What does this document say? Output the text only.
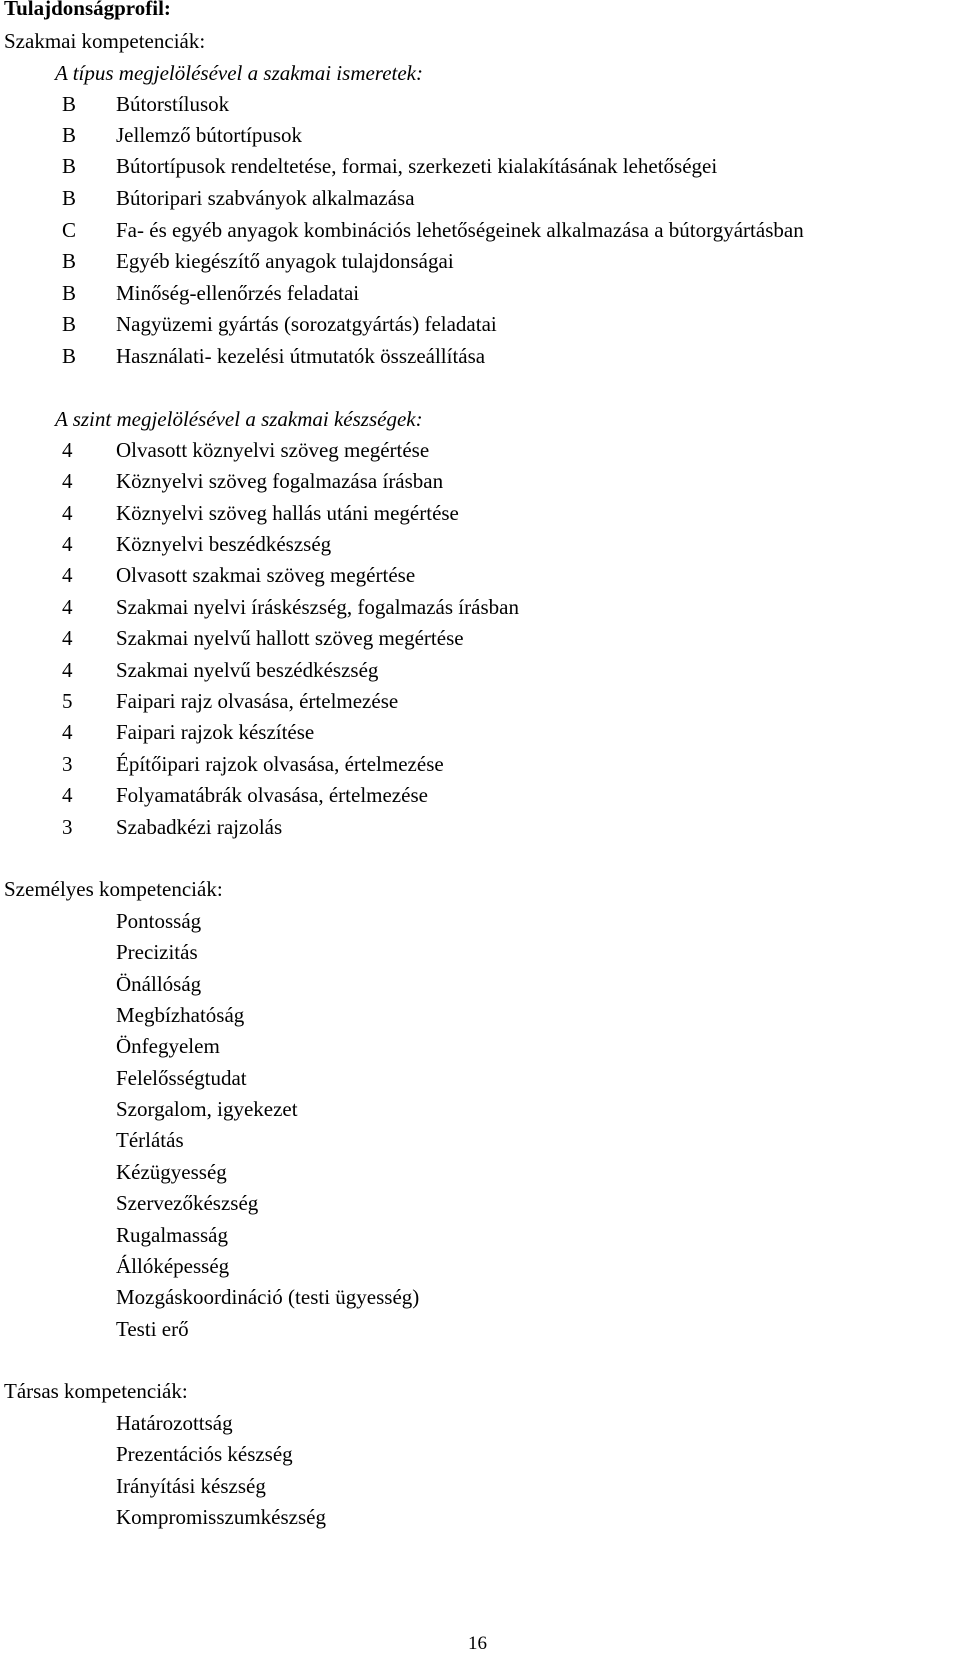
Tulajdonságprofil:
Szakmai kompetenciák:
A típus megjelölésével a szakmai ismeretek:
B	Bútorstílusok
B	Jellemző bútortípusok
B	Bútortípusok rendeltetése, formai, szerkezeti kialakításának lehetőségei
B	Bútoripari szabványok alkalmazása
C	Fa- és egyéb anyagok kombinációs lehetőségeinek alkalmazása a bútorgyártásban
B	Egyéb kiegészítő anyagok tulajdonságai
B	Minőség-ellenőrzés feladatai
B	Nagyüzemi gyártás (sorozatgyártás) feladatai
B	Használati- kezelési útmutatók összeállítása
A szint megjelölésével a szakmai készségek:
4	Olvasott köznyelvi szöveg megértése
4	Köznyelvi szöveg fogalmazása írásban
4	Köznyelvi szöveg hallás utáni megértése
4	Köznyelvi beszédkészség
4	Olvasott szakmai szöveg megértése
4	Szakmai nyelvi íráskészség, fogalmazás írásban
4	Szakmai nyelvű hallott szöveg megértése
4	Szakmai nyelvű beszédkészség
5	Faipari rajz olvasása, értelmezése
4	Faipari rajzok készítése
3	Építőipari rajzok olvasása, értelmezése
4	Folyamatábrák olvasása, értelmezése
3	Szabadkézi rajzolás
Személyes kompetenciák:
Pontosság
Precizitás
Önállóság
Megbízhatóság
Önfegyelem
Felelősségtudat
Szorgalom, igyekezet
Térlátás
Kézügyesség
Szervezőkészség
Rugalmasság
Állóképesség
Mozgáskoordináció (testi ügyesség)
Testi erő
Társas kompetenciák:
Határozottság
Prezentációs készség
Irányítási készség
Kompromisszumkészség
16
